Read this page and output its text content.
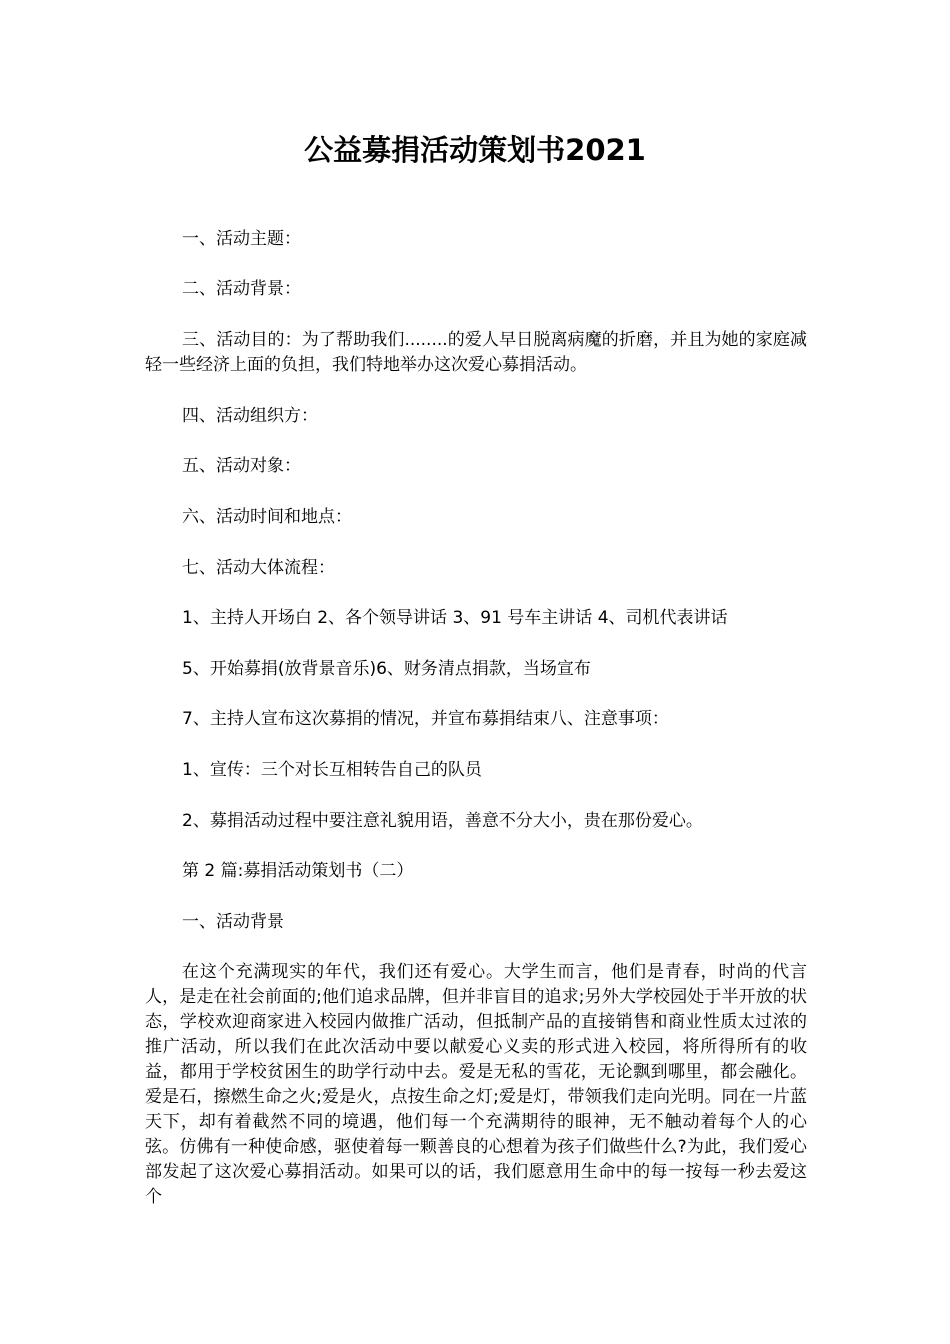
公益募捐活动策划书2021

一、活动主题：

二、活动背景：

三、活动目的：为了帮助我们........的爱人早日脱离病魔的折磨，并且为她的家庭减轻一些经济上面的负担，我们特地举办这次爱心募捐活动。

四、活动组织方：

五、活动对象：

六、活动时间和地点：

七、活动大体流程：

1、主持人开场白 2、各个领导讲话 3、91 号车主讲话 4、司机代表讲话

5、开始募捐(放背景音乐)6、财务清点捐款，当场宣布

7、主持人宣布这次募捐的情况，并宣布募捐结束八、注意事项：

1、宣传：三个对长互相转告自己的队员

2、募捐活动过程中要注意礼貌用语，善意不分大小，贵在那份爱心。

第 2 篇:募捐活动策划书（二）

一、活动背景

在这个充满现实的年代，我们还有爱心。大学生而言，他们是青春，时尚的代言人，是走在社会前面的;他们追求品牌，但并非盲目的追求;另外大学校园处于半开放的状态，学校欢迎商家进入校园内做推广活动，但抵制产品的直接销售和商业性质太过浓的推广活动，所以我们在此次活动中要以献爱心义卖的形式进入校园，将所得所有的收益，都用于学校贫困生的助学行动中去。爱是无私的雪花，无论飘到哪里，都会融化。爱是石，擦燃生命之火;爱是火，点按生命之灯;爱是灯，带领我们走向光明。同在一片蓝天下，却有着截然不同的境遇，他们每一个充满期待的眼神，无不触动着每个人的心弦。仿佛有一种使命感，驱使着每一颗善良的心想着为孩子们做些什么?为此，我们爱心部发起了这次爱心募捐活动。如果可以的话，我们愿意用生命中的每一按每一秒去爱这个
